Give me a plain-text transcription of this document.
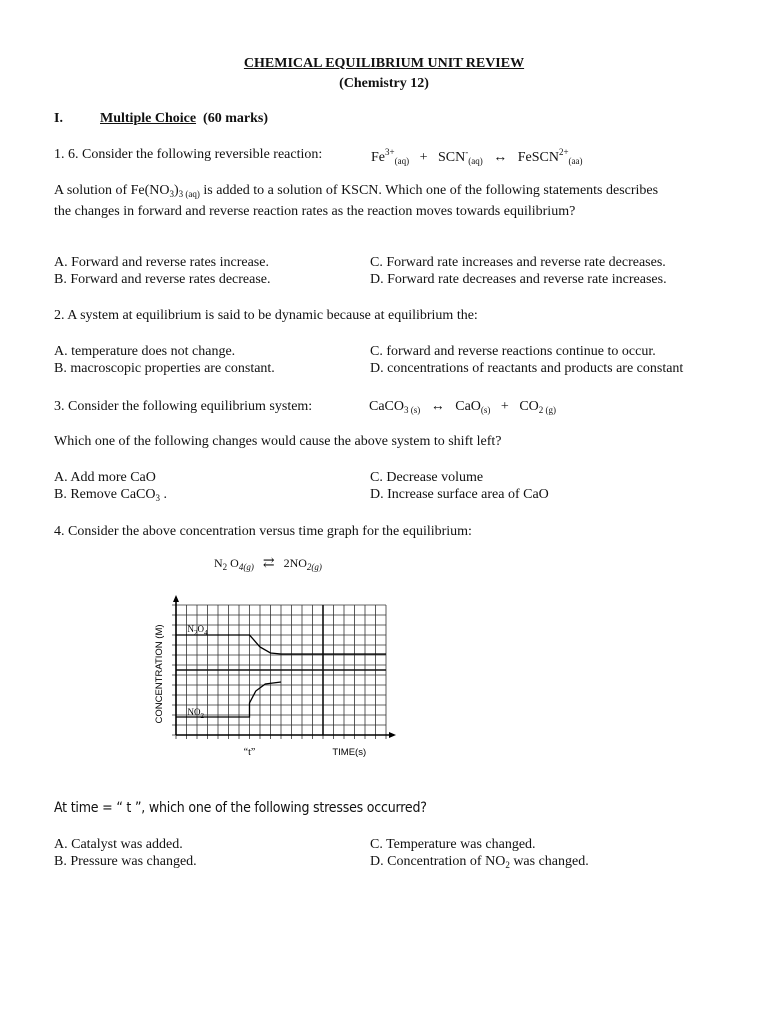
CHEMICAL EQUILIBRIUM UNIT REVIEW
(Chemistry 12)
I.	Multiple Choice (60 marks)
1. 6. Consider the following reversible reaction:	$Fe^{3+}_{(aq)} + SCN^-_{(aq)}$ ↔ FeSCN$^{2+}_{(aa)}$
A solution of $Fe(NO_3)_{3 (aq)}$ is added to a solution of KSCN. Which one of the following statements describes the changes in forward and reverse reaction rates as the reaction moves towards equilibrium?
A. Forward and reverse rates increase.
B. Forward and reverse rates decrease.
C. Forward rate increases and reverse rate decreases.
D. Forward rate decreases and reverse rate increases.
2. A system at equilibrium is said to be dynamic because at equilibrium the:
A. temperature does not change.
B. macroscopic properties are constant.
C. forward and reverse reactions continue to occur.
D. concentrations of reactants and products are constant
3. Consider the following equilibrium system:	CaCO$_{3 (s)}$ ↔ $CaO_{(s)} + CO_{2 (g)}$
Which one of the following changes would cause the above system to shift left?
A. Add more CaO
B. Remove CaCO$_3$ .
C. Decrease volume
D. Increase surface area of CaO
4. Consider the above concentration versus time graph for the equilibrium:
$N_2$ $O_{4(g)}$ ⇄ $2NO_{2(g)}$
CONCENTRATION (M)
TIME(s)
“t”
$N_2O_4$
$NO_2$
At time = “ t ”, which one of the following stresses occurred?
A. Catalyst was added.
B. Pressure was changed.
C. Temperature was changed.
D. Concentration of $NO_2$ was changed.
